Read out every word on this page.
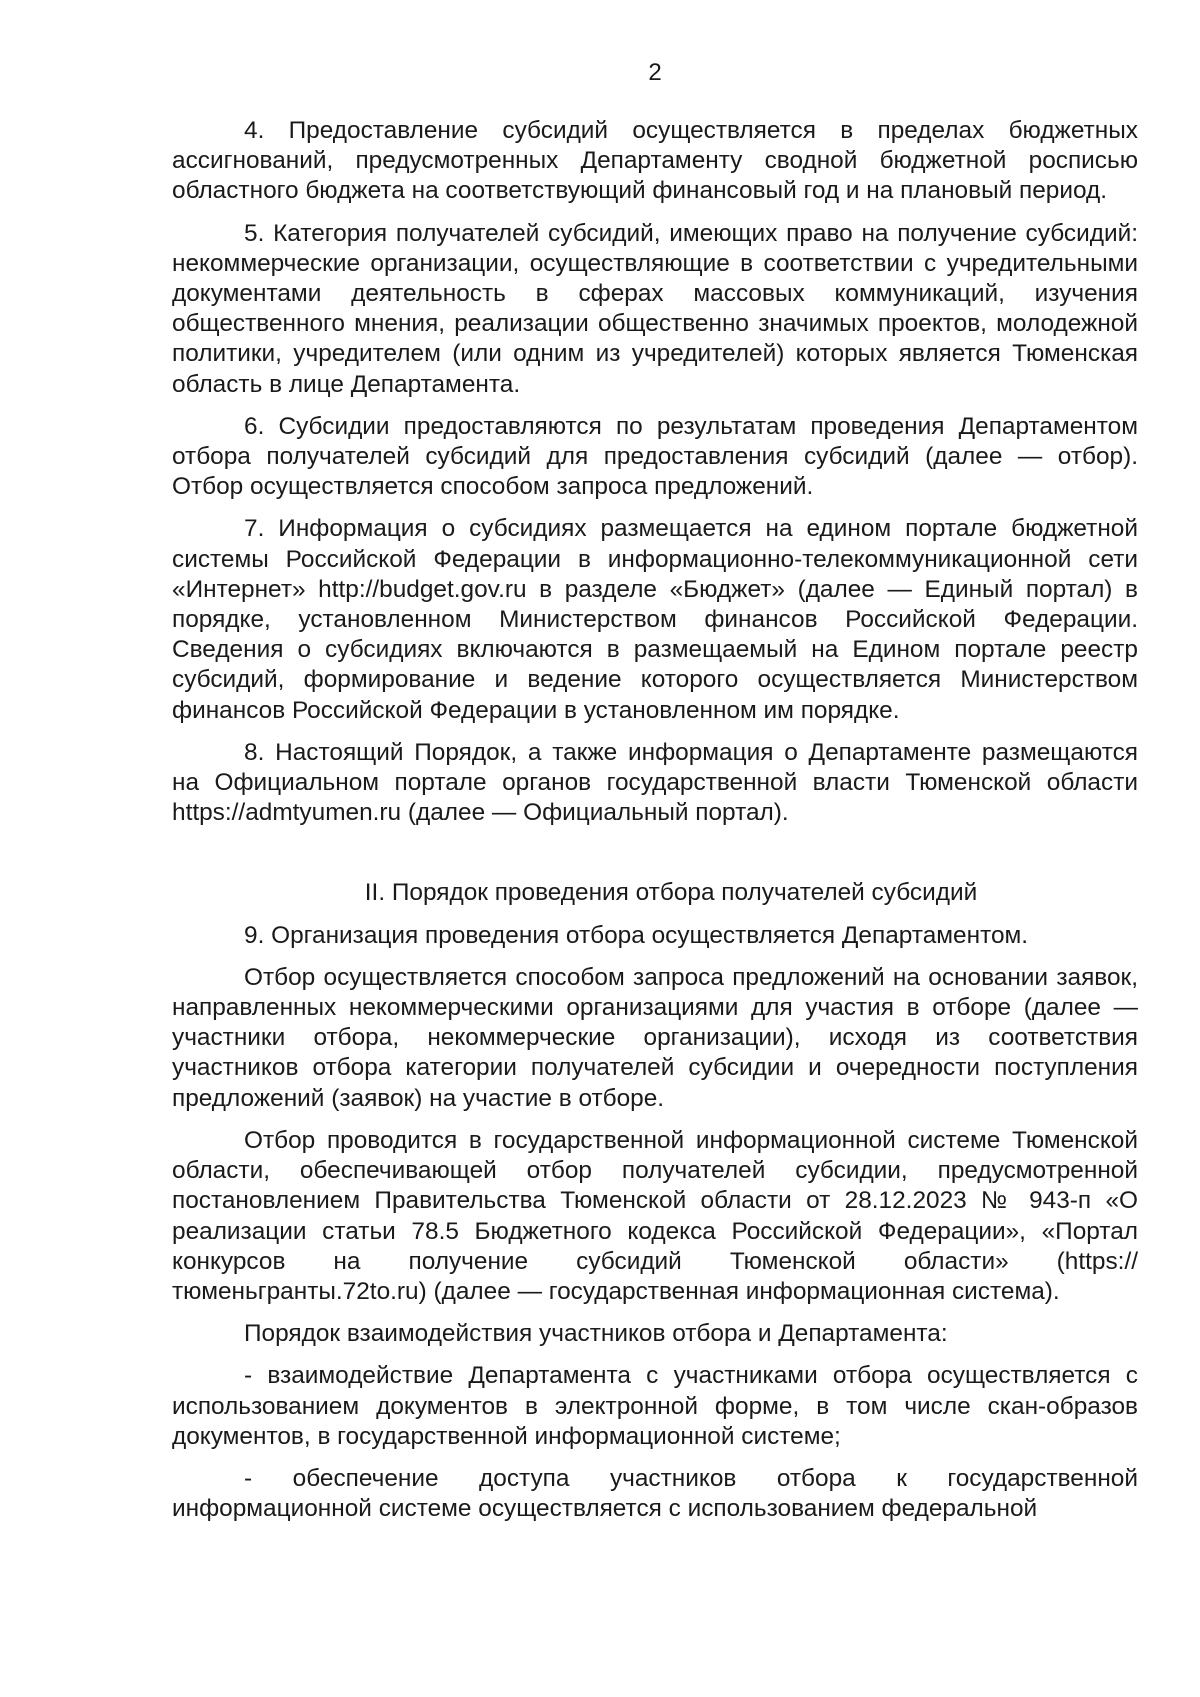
2

4. Предоставление субсидий осуществляется в пределах бюджетных ассигнований, предусмотренных Департаменту сводной бюджетной росписью областного бюджета на соответствующий финансовый год и на плановый период.

5. Категория получателей субсидий, имеющих право на получение субсидий: некоммерческие организации, осуществляющие в соответствии с учредительными документами деятельность в сферах массовых коммуникаций, изучения общественного мнения, реализации общественно значимых проектов, молодежной политики, учредителем (или одним из учредителей) которых является Тюменская область в лице Департамента.

6. Субсидии предоставляются по результатам проведения Департаментом отбора получателей субсидий для предоставления субсидий (далее — отбор). Отбор осуществляется способом запроса предложений.

7. Информация о субсидиях размещается на едином портале бюджетной системы Российской Федерации в информационно-телекоммуникационной сети «Интернет» http://budget.gov.ru в разделе «Бюджет» (далее — Единый портал) в порядке, установленном Министерством финансов Российской Федерации. Сведения о субсидиях включаются в размещаемый на Едином портале реестр субсидий, формирование и ведение которого осуществляется Министерством финансов Российской Федерации в установленном им порядке.

8. Настоящий Порядок, а также информация о Департаменте размещаются на Официальном портале органов государственной власти Тюменской области https://admtyumen.ru (далее — Официальный портал).

II. Порядок проведения отбора получателей субсидий

9. Организация проведения отбора осуществляется Департаментом.

Отбор осуществляется способом запроса предложений на основании заявок, направленных некоммерческими организациями для участия в отборе (далее — участники отбора, некоммерческие организации), исходя из соответствия участников отбора категории получателей субсидии и очередности поступления предложений (заявок) на участие в отборе.

Отбор проводится в государственной информационной системе Тюменской области, обеспечивающей отбор получателей субсидии, предусмотренной постановлением Правительства Тюменской области от 28.12.2023 № 943-п «О реализации статьи 78.5 Бюджетного кодекса Российской Федерации», «Портал конкурсов на получение субсидий Тюменской области» (https://тюменьгранты.72to.ru) (далее — государственная информационная система).

Порядок взаимодействия участников отбора и Департамента:

- взаимодействие Департамента с участниками отбора осуществляется с использованием документов в электронной форме, в том числе скан-образов документов, в государственной информационной системе;

- обеспечение доступа участников отбора к государственной информационной системе осуществляется с использованием федеральной
